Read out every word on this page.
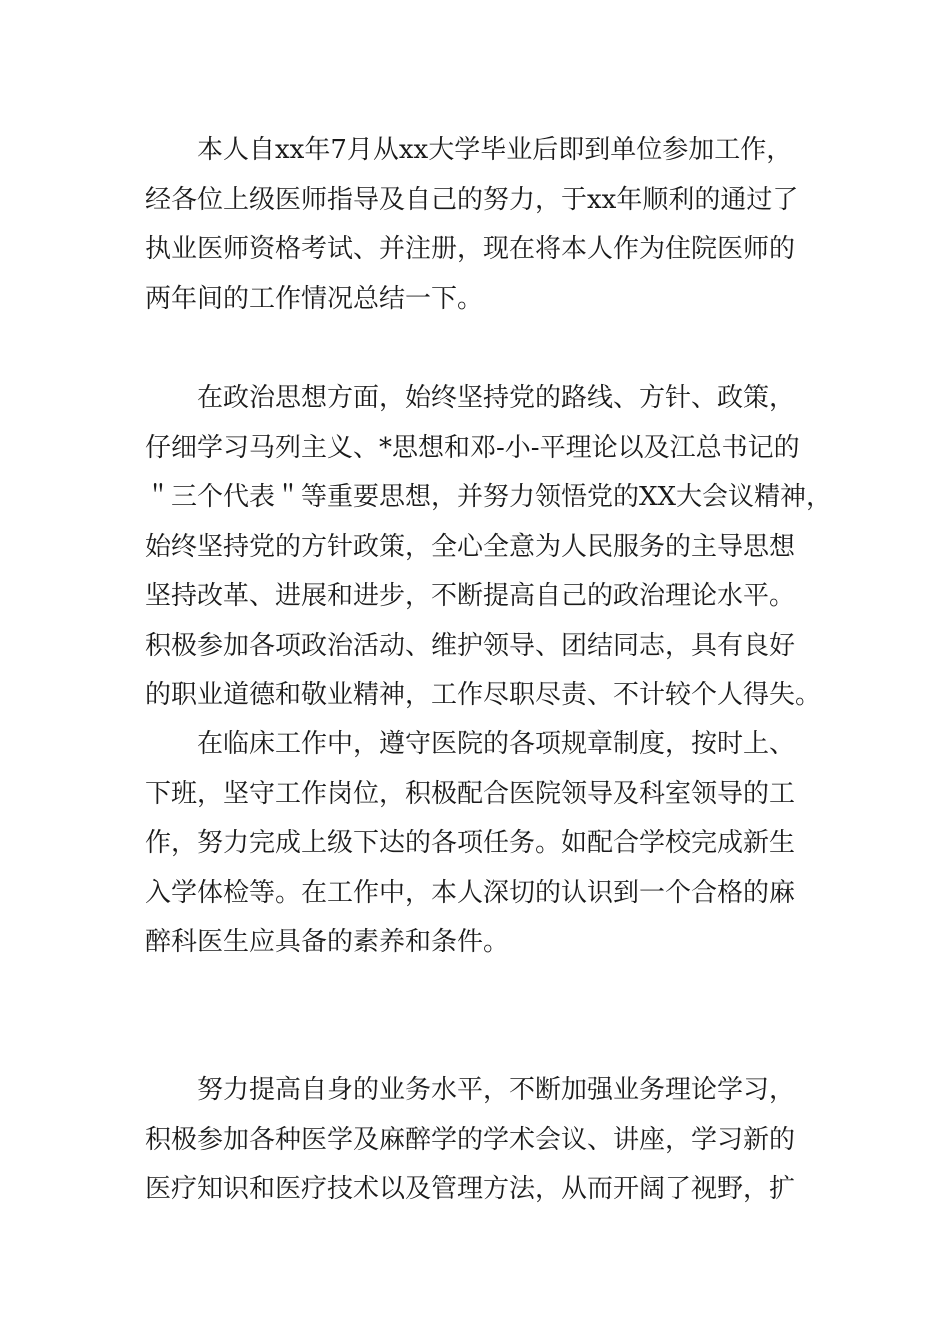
本人自xx年7月从xx大学毕业后即到单位参加工作，
经各位上级医师指导及自己的努力，于xx年顺利的通过了
执业医师资格考试、并注册，现在将本人作为住院医师的
两年间的工作情况总结一下。
在政治思想方面，始终坚持党的路线、方针、政策，
仔细学习马列主义、*思想和邓-小-平理论以及江总书记的
＂三个代表＂等重要思想，并努力领悟党的XX大会议精神，
始终坚持党的方针政策，全心全意为人民服务的主导思想
坚持改革、进展和进步，不断提高自己的政治理论水平。
积极参加各项政治活动、维护领导、团结同志，具有良好
的职业道德和敬业精神，工作尽职尽责、不计较个人得失。
在临床工作中，遵守医院的各项规章制度，按时上、
下班，坚守工作岗位，积极配合医院领导及科室领导的工
作，努力完成上级下达的各项任务。如配合学校完成新生
入学体检等。在工作中，本人深切的认识到一个合格的麻
醉科医生应具备的素养和条件。
努力提高自身的业务水平，不断加强业务理论学习，
积极参加各种医学及麻醉学的学术会议、讲座，学习新的
医疗知识和医疗技术以及管理方法，从而开阔了视野，扩
